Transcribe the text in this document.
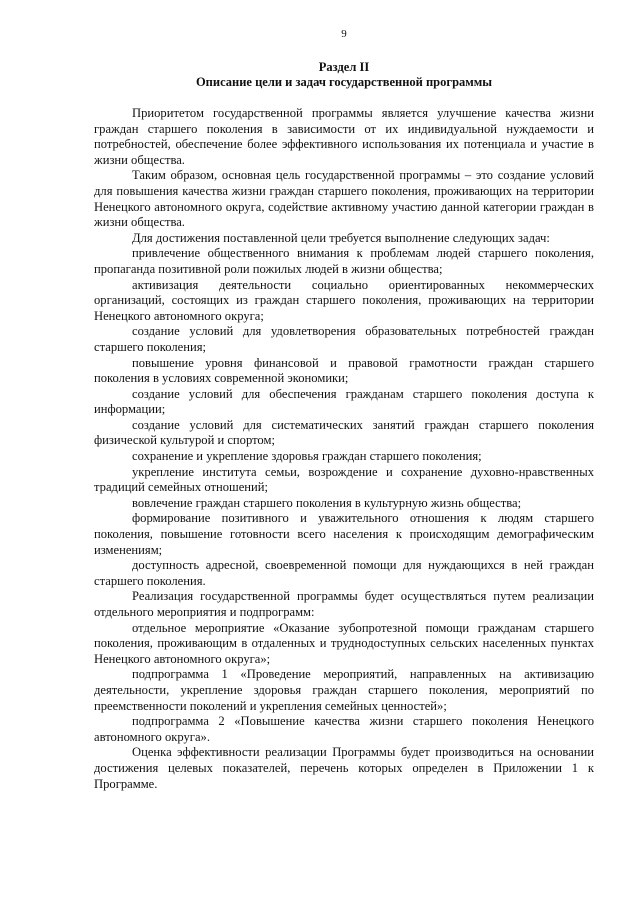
9
Раздел II
Описание цели и задач государственной программы

Приоритетом государственной программы является улучшение качества жизни граждан старшего поколения в зависимости от их индивидуальной нуждаемости и потребностей, обеспечение более эффективного использования их потенциала и участие в жизни общества.

Таким образом, основная цель государственной программы – это создание условий для повышения качества жизни граждан старшего поколения, проживающих на территории Ненецкого автономного округа, содействие активному участию данной категории граждан в жизни общества.

Для достижения поставленной цели требуется выполнение следующих задач:

привлечение общественного внимания к проблемам людей старшего поколения, пропаганда позитивной роли пожилых людей в жизни общества;

активизация деятельности социально ориентированных некоммерческих организаций, состоящих из граждан старшего поколения, проживающих на территории Ненецкого автономного округа;

создание условий для удовлетворения образовательных потребностей граждан старшего поколения;

повышение уровня финансовой и правовой грамотности граждан старшего поколения в условиях современной экономики;

создание условий для обеспечения гражданам старшего поколения доступа к информации;

создание условий для систематических занятий граждан старшего поколения физической культурой и спортом;

сохранение и укрепление здоровья граждан старшего поколения;

укрепление института семьи, возрождение и сохранение духовно-нравственных традиций семейных отношений;

вовлечение граждан старшего поколения в культурную жизнь общества;

формирование позитивного и уважительного отношения к людям старшего поколения, повышение готовности всего населения к происходящим демографическим изменениям;

доступность адресной, своевременной помощи для нуждающихся в ней граждан старшего поколения.

Реализация государственной программы будет осуществляться путем реализации отдельного мероприятия и подпрограмм:

отдельное мероприятие «Оказание зубопротезной помощи гражданам старшего поколения, проживающим в отдаленных и труднодоступных сельских населенных пунктах Ненецкого автономного округа»;

подпрограмма 1 «Проведение мероприятий, направленных на активизацию деятельности, укрепление здоровья граждан старшего поколения, мероприятий по преемственности поколений и укрепления семейных ценностей»;

подпрограмма 2 «Повышение качества жизни старшего поколения Ненецкого автономного округа».

Оценка эффективности реализации Программы будет производиться на основании достижения целевых показателей, перечень которых определен в Приложении 1 к Программе.
